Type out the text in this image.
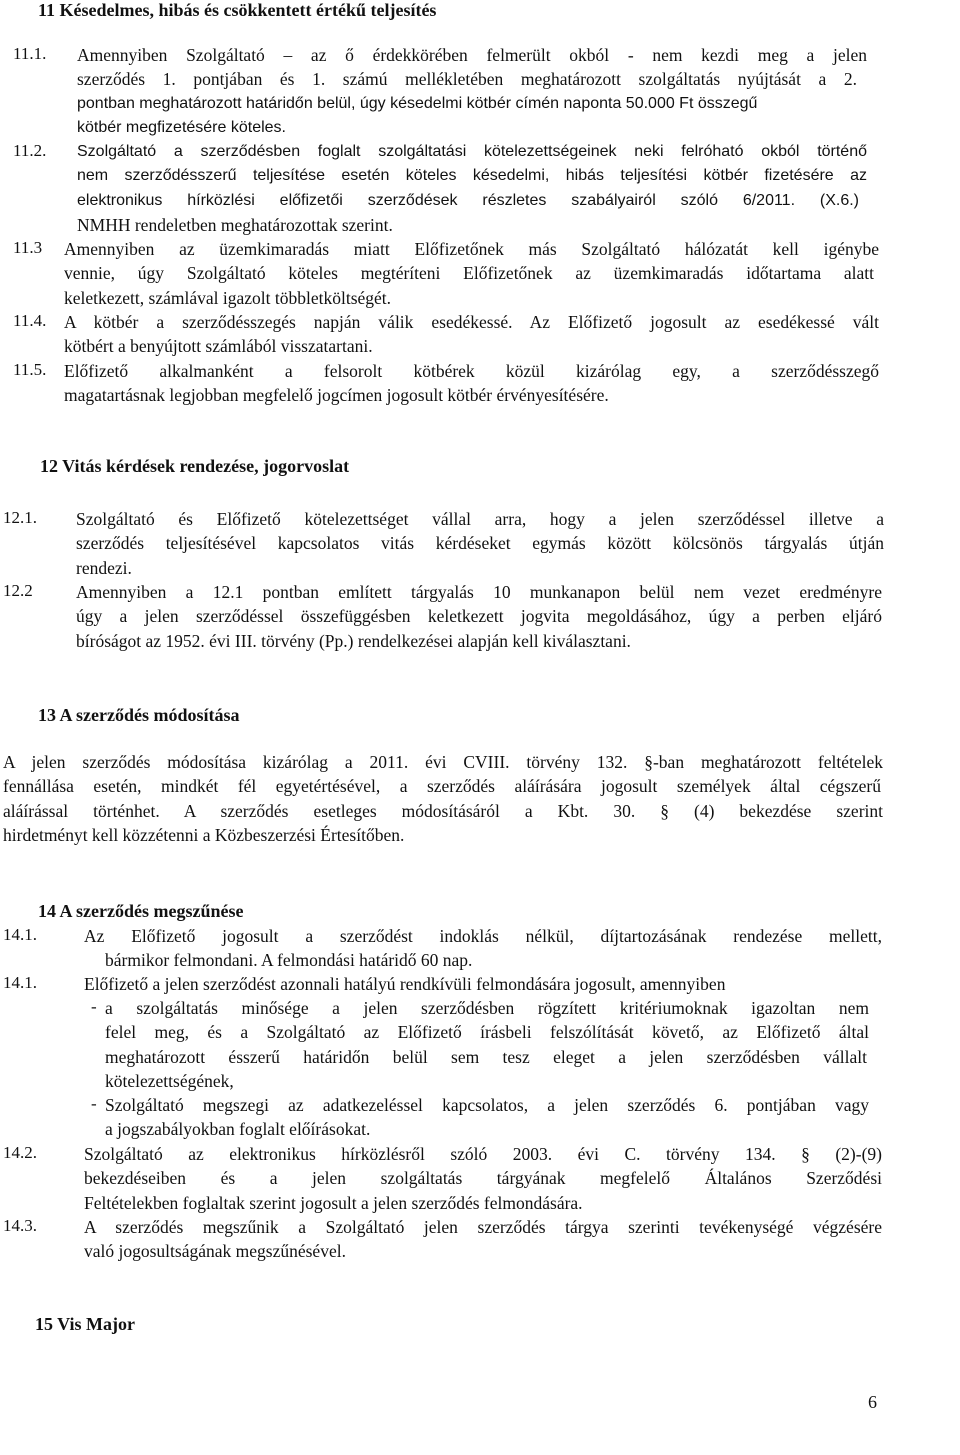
11 Késedelmes, hibás és csökkentett értékű teljesítés
11.1. Amennyiben Szolgáltató – az ő érdekkörében felmerült okból - nem kezdi meg a jelen
szerződés 1. pontjában és 1. számú mellékletében meghatározott szolgáltatás nyújtását a 2.
pontban meghatározott határidőn belül, úgy késedelmi kötbér címén naponta 50.000 Ft összegű
kötbér megfizetésére köteles.
11.2. Szolgáltató a szerződésben foglalt szolgáltatási kötelezettségeinek neki felróható okból történő
nem szerződésszerű teljesítése esetén köteles késedelmi, hibás teljesítési kötbér fizetésére az
elektronikus hírközlési előfizetői szerződések részletes szabályairól szóló 6/2011. (X.6.)
NMHH rendeletben meghatározottak szerint.
11.3 Amennyiben az üzemkimaradás miatt Előfizetőnek más Szolgáltató hálózatát kell igénybe
vennie, úgy Szolgáltató köteles megtéríteni Előfizetőnek az üzemkimaradás időtartama alatt
keletkezett, számlával igazolt többletköltségét.
11.4. A kötbér a szerződésszegés napján válik esedékessé. Az Előfizető jogosult az esedékessé vált
kötbért a benyújtott számlából visszatartani.
11.5. Előfizető alkalmanként a felsorolt kötbérek közül kizárólag egy, a szerződésszegő
magatartásnak legjobban megfelelő jogcímen jogosult kötbér érvényesítésére.
12 Vitás kérdések rendezése, jogorvoslat
12.1. Szolgáltató és Előfizető kötelezettséget vállal arra, hogy a jelen szerződéssel illetve a
szerződés teljesítésével kapcsolatos vitás kérdéseket egymás között kölcsönös tárgyalás útján
rendezi.
12.2 Amennyiben a 12.1 pontban említett tárgyalás 10 munkanapon belül nem vezet eredményre
úgy a jelen szerződéssel összefüggésben keletkezett jogvita megoldásához, úgy a perben eljáró
bíróságot az 1952. évi III. törvény (Pp.) rendelkezései alapján kell kiválasztani.
13 A szerződés módosítása
A jelen szerződés módosítása kizárólag a 2011. évi CVIII. törvény 132. §-ban meghatározott feltételek
fennállása esetén, mindkét fél egyetértésével, a szerződés aláírására jogosult személyek által cégszerű
aláírással történhet. A szerződés esetleges módosításáról a Kbt. 30. § (4) bekezdése szerint
hirdetményt kell közzétenni a Közbeszerzési Értesítőben.
14 A szerződés megszűnése
14.1.	Az Előfizető jogosult a szerződést indoklás nélkül, díjtartozásának rendezése mellett,
bármikor felmondani. A felmondási határidő 60 nap.
14.1.	Előfizető a jelen szerződést azonnali hatályú rendkívüli felmondására jogosult, amennyiben
- a szolgáltatás minősége a jelen szerződésben rögzített kritériumoknak igazoltan nem
felel meg, és a Szolgáltató az Előfizető írásbeli felszólítását követő, az Előfizető által
meghatározott ésszerű határidőn belül sem tesz eleget a jelen szerződésben vállalt
kötelezettségének,
- Szolgáltató megszegi az adatkezeléssel kapcsolatos, a jelen szerződés 6. pontjában vagy
a jogszabályokban foglalt előírásokat.
14.2.	Szolgáltató az elektronikus hírközlésről szóló 2003. évi C. törvény 134. § (2)-(9)
bekezdéseiben és a jelen szolgáltatás tárgyának megfelelő Általános Szerződési
Feltételekben foglaltak szerint jogosult a jelen szerződés felmondására.
14.3.	A szerződés megszűnik a Szolgáltató jelen szerződés tárgya szerinti tevékenységé végzésére
való jogosultságának megszűnésével.
15 Vis Major
6
